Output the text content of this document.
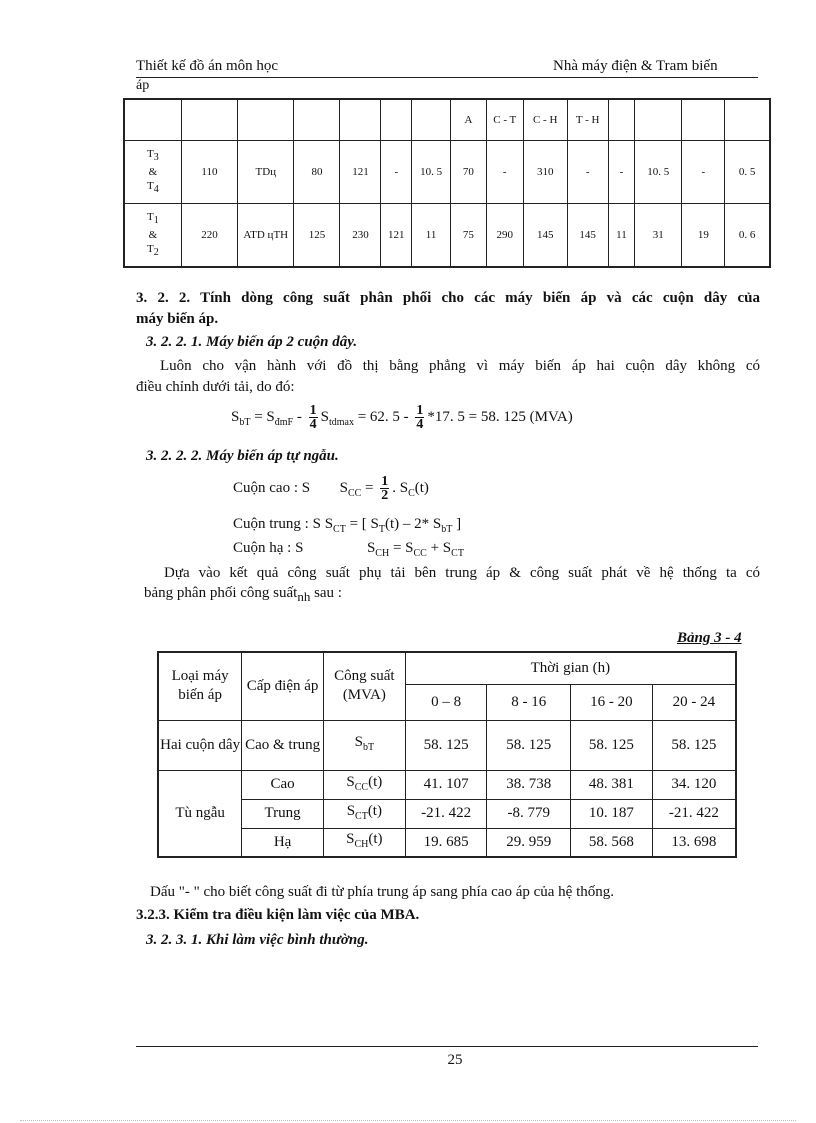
Thiết kế đồ án môn học	Nhà máy điện & Tram biến
áp
							A	C - T	C - H	T - H				
$T_3$
&
$T_4$	110	TDц	80	121	-	10. 5	70	-	310	-	-	10. 5	-	0. 5
$T_1$
&
$T_2$	220	ATD цTH	125	230	121	11	75	290	145	145	11	31	19	0. 6
3. 2. 2. Tính dòng công suất phân phối cho các máy biến áp và các cuộn dây của
máy biến áp.
3. 2. 2. 1. Máy biến áp 2 cuộn dây.
Luôn cho vận hành với đồ thị bằng phẳng vì máy biến áp hai cuộn dây không có
điều chỉnh dưới tải, do đó:
$S_{bT} = S_{đmF} - \frac{1}{4} S_{tdmax} = 62$. $5 - \frac{1}{4} *17$. 5 = 58. 125 (MVA)
3. 2. 2. 2. Máy biến áp tự ngẫu.
Cuộn cao : S $S_{CC} = \frac{1}{2}$ . $S_C(t)$
Cuộn trung : S $S_{CT}$ = [ $S_T(t) - 2*$ $S_{bT}$ ]
Cuộn hạ : S	$S_{CH} = S_{CC} + S_{CT}$
Dựa vào kết quả công suất phụ tải bên trung áp & công suất phát về hệ thống ta có
bảng phân phối công suất$_{nh}$ sau :
Bảng 3 - 4
Loại máy biến áp	Cấp điện áp	Công suất (MVA)	Thời gian (h)			
			0 – 8	8 - 16	16 - 20	20 - 24
Hai cuộn dây	Cao & trung	$S_{bT}$	58. 125	58. 125	58. 125	58. 125
Tù ngẫu	Cao	$S_{CC}(t)$	41. 107	38. 738	48. 381	34. 120
	Trung	$S_{CT}(t)$	-21. 422	-8. 779	10. 187	-21. 422
	Hạ	$S_{CH}(t)$	19. 685	29. 959	58. 568	13. 698
Dấu "- " cho biết công suất đi từ phía trung áp sang phía cao áp của hệ thống.
3.2.3. Kiểm tra điều kiện làm việc của MBA.
3. 2. 3. 1. Khi làm việc bình thường.
25
